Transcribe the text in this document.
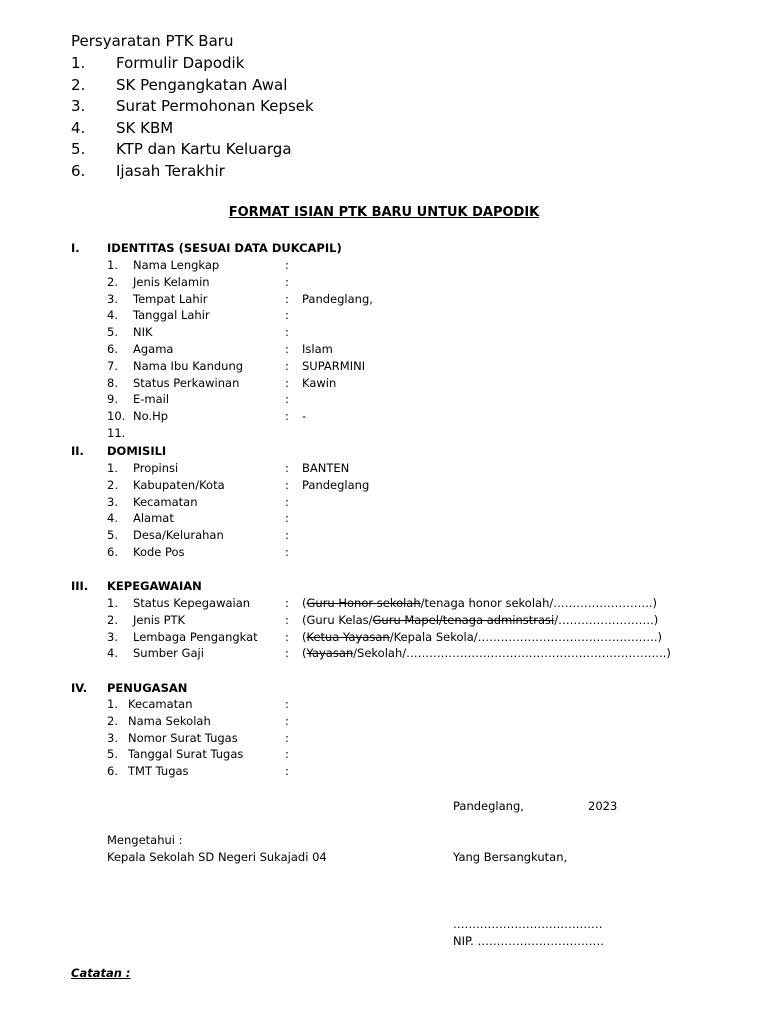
Persyaratan PTK Baru
1. Formulir Dapodik
2. SK Pengangkatan Awal
3. Surat Permohonan Kepsek
4. SK KBM
5. KTP dan Kartu Keluarga
6. Ijasah Terakhir
FORMAT ISIAN PTK BARU UNTUK DAPODIK
I. IDENTITAS (SESUAI DATA DUKCAPIL)
1. Nama Lengkap	:
2. Jenis Kelamin	:
3. Tempat Lahir	: Pandeglang,
4. Tanggal Lahir	:
5. NIK	:
6. Agama	: Islam
7. Nama Ibu Kandung	: SUPARMINI
8. Status Perkawinan	: Kawin
9. E-mail	:
10. No.Hp	: -
11.
II. DOMISILI
1. Propinsi	: BANTEN
2. Kabupaten/Kota	: Pandeglang
3. Kecamatan	:
4. Alamat	:
5. Desa/Kelurahan	:
6. Kode Pos	:
III. KEPEGAWAIAN
1. Status Kepegawaian	: (Guru Honor sekolah/tenaga honor sekolah/……………………..)
2. Jenis PTK	: (Guru Kelas/Guru Mapel/tenaga adminstrasi/…………………….)
3. Lembaga Pengangkat : (Ketua Yayasan/Kepala Sekola/………………………………………..)
4. Sumber Gaji	: (Yayasan/Sekolah/…………………………………………………………..)
IV. PENUGASAN
1. Kecamatan	:
2. Nama Sekolah	:
3. Nomor Surat Tugas	:
5. Tanggal Surat Tugas	:
6. TMT Tugas	:
Pandeglang,	2023
Mengetahui :
Kepala Sekolah SD Negeri Sukajadi 04	Yang Bersangkutan,
…………………………………
NIP. ……………………………
Catatan :
